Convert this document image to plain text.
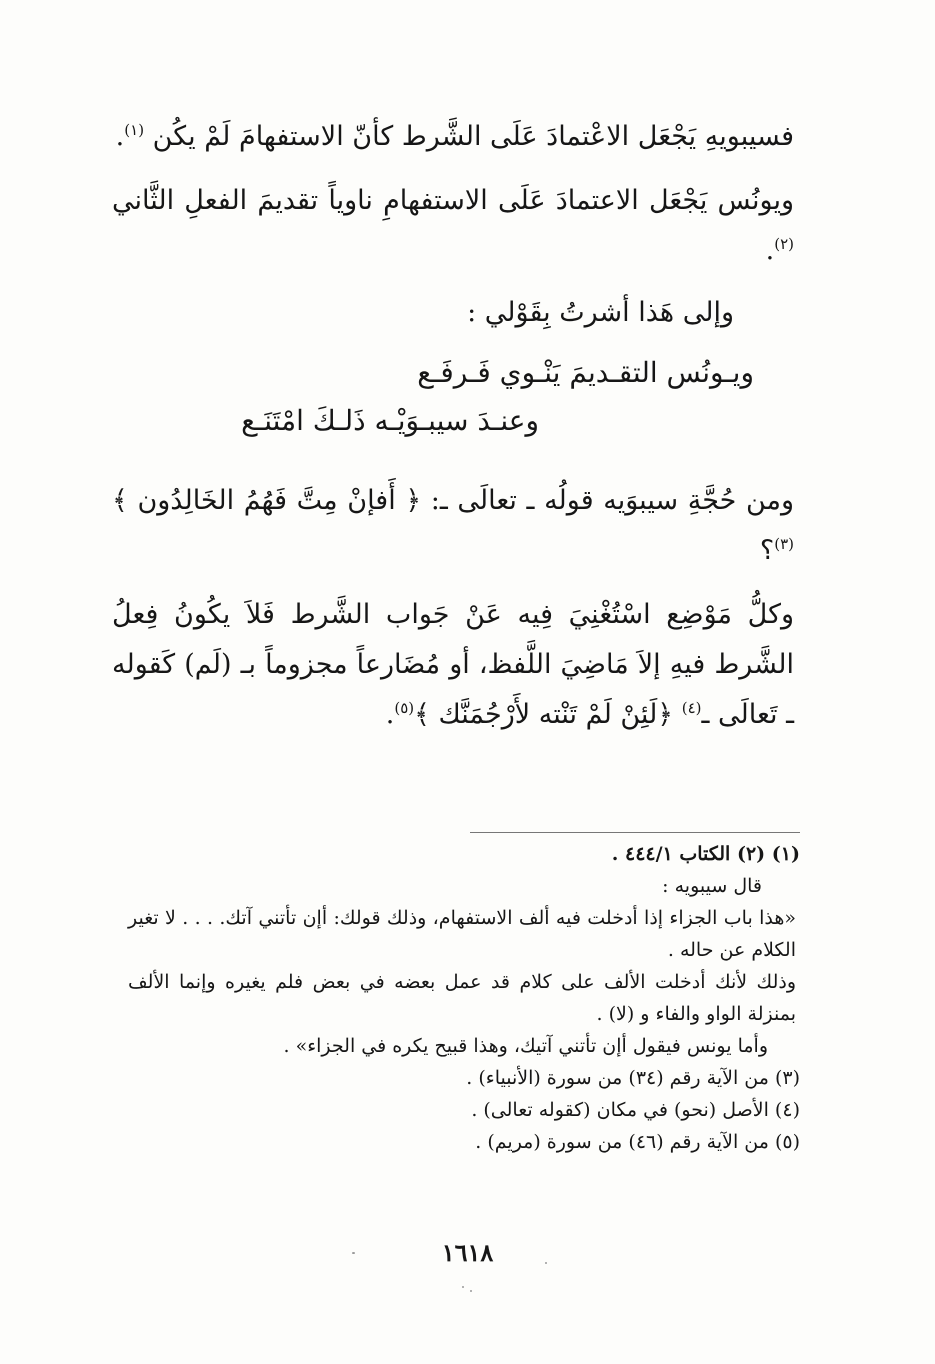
فسيبويهِ يَجْعَل الاعْتمادَ عَلَى الشَّرط كأنّ الاستفهامَ لَمْ يكُن $^{(١)}$.

ويونُس يَجْعَل الاعتمادَ عَلَى الاستفهامِ ناوياً تقديمَ الفعلِ الثَّاني $^{(٢)}$.

وإلى هَذا أشرتُ بِقَوْلي :

ويـونُس التقـديمَ يَنْـوي فَـرفَـع
وعنـدَ سيبـوَيْـه ذَلـكَ امْتَنَـع

ومن حُجَّةِ سيبوَيه قولُه ـ تعالَى ـ: ﴿ أَفإنْ مِتَّ فَهُمُ الخَالِدُون ﴾$^{(٣)}$؟

وكلُّ مَوْضِع اسْتُغْنِيَ فِيه عَنْ جَواب الشَّرط فَلاَ يكُونُ فِعلُ الشَّرط فيهِ إلاَ مَاضِيَ اللَّفظ، أو مُضَارعاً مجزوماً بـ (لَم) كَقوله ـ تَعالَى ـ$^{(٤)}$ ﴿لَئِنْ لَمْ تَنْته لأَرْجُمَنَّك ﴾$^{(٥)}$.

(١) (٢) الكتاب ٤٤٤/١ .

قال سيبويه :

«هذا باب الجزاء إذا أدخلت فيه ألف الاستفهام، وذلك قولك: أإن تأتني آتك. . . . لا تغير الكلام عن حاله .

وذلك لأنك أدخلت الألف على كلام قد عمل بعضه في بعض فلم يغيره وإنما الألف بمنزلة الواو والفاء و (لا) .

وأما يونس فيقول أإن تأتني آتيك، وهذا قبيح يكره في الجزاء» .

(٣) من الآية رقم (٣٤) من سورة (الأنبياء) .

(٤) الأصل (نحو) في مكان (كقوله تعالى) .

(٥) من الآية رقم (٤٦) من سورة (مريم) .

١٦١٨
